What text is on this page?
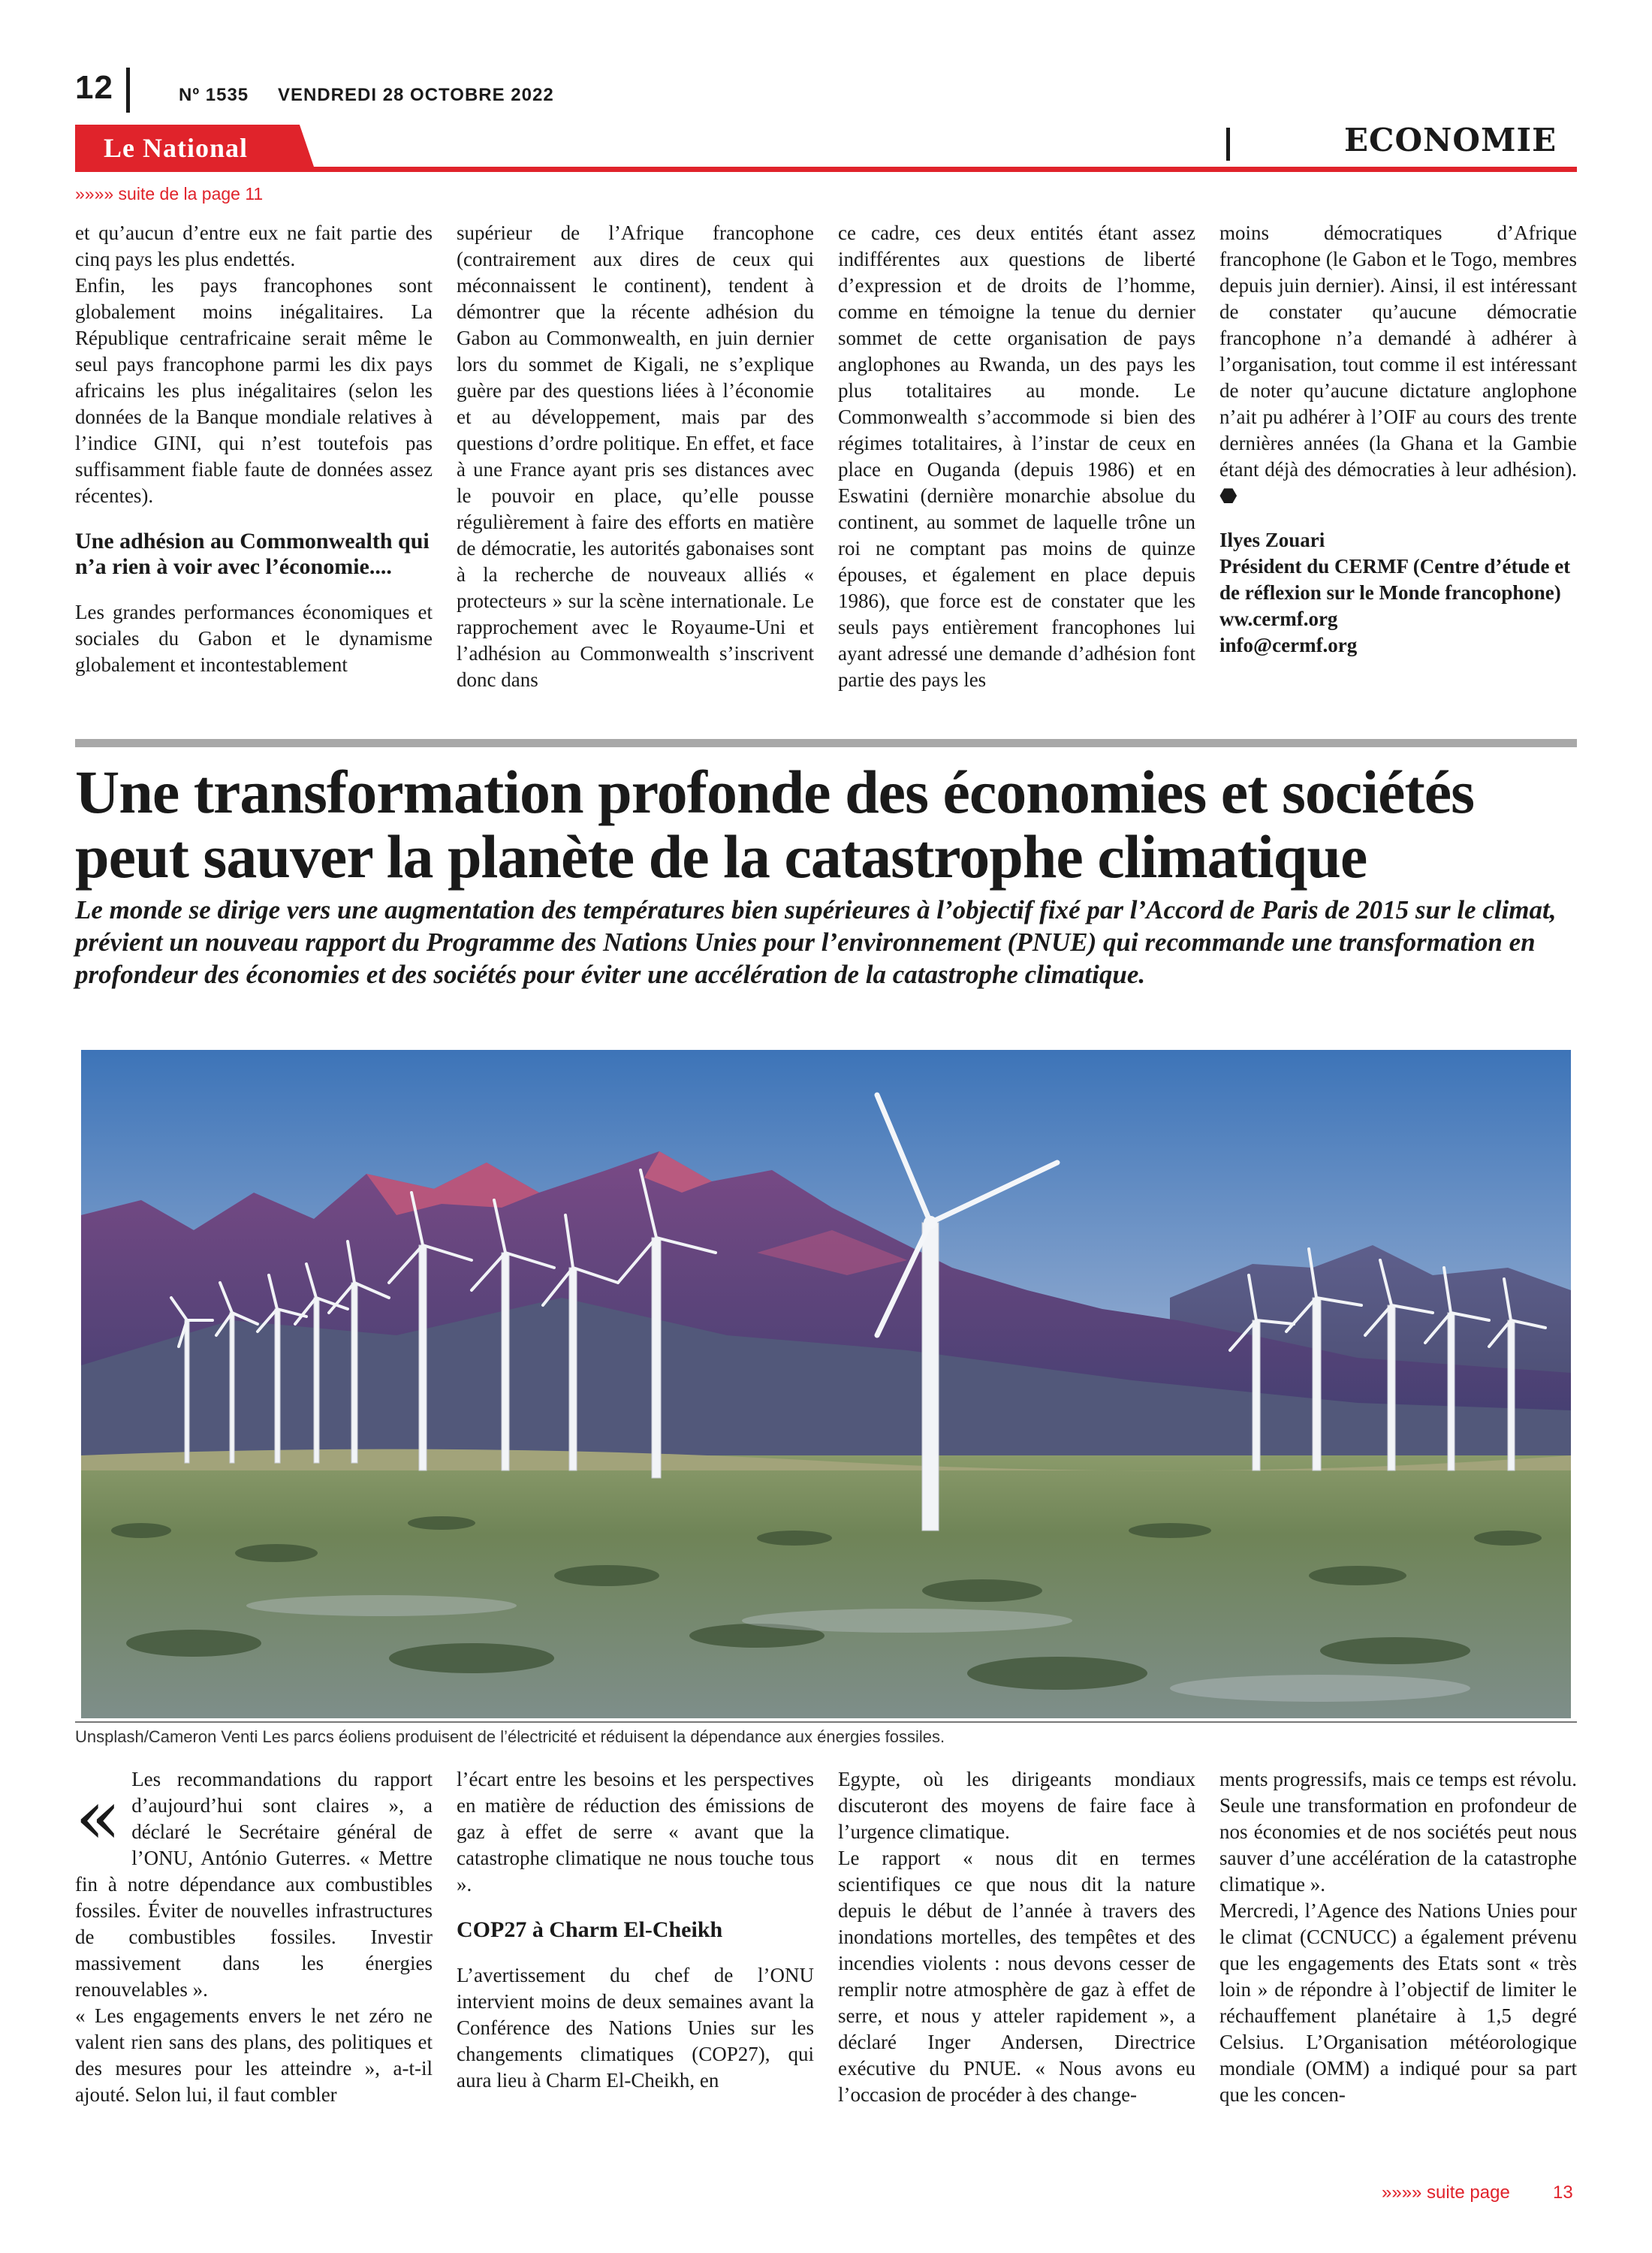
12	Nº 1535 VENDREDI 28 OCTOBRE 2022
Le National	ECONOMIE
»»»» suite de la page 11

et qu’aucun d’entre eux ne fait partie des cinq pays les plus endettés.

Enfin, les pays francophones sont globalement moins inégalitaires. La République centrafricaine serait même le seul pays francophone parmi les dix pays africains les plus inégalitaires (selon les données de la Banque mondiale relatives à l’indice GINI, qui n’est toutefois pas suffisamment fiable faute de données assez récentes).

Une adhésion au Commonwealth qui n’a rien à voir avec l’économie....

Les grandes performances économiques et sociales du Gabon et le dynamisme globalement et incontestablement

supérieur de l’Afrique francophone (contrairement aux dires de ceux qui méconnaissent le continent), tendent à démontrer que la récente adhésion du Gabon au Commonwealth, en juin dernier lors du sommet de Kigali, ne s’explique guère par des questions liées à l’économie et au développement, mais par des questions d’ordre politique. En effet, et face à une France ayant pris ses distances avec le pouvoir en place, qu’elle pousse régulièrement à faire des efforts en matière de démocratie, les autorités gabonaises sont à la recherche de nouveaux alliés « protecteurs » sur la scène internationale. Le rapprochement avec le Royaume-Uni et l’adhésion au Commonwealth s’inscrivent donc dans

ce cadre, ces deux entités étant assez indifférentes aux questions de liberté d’expression et de droits de l’homme, comme en témoigne la tenue du dernier sommet de cette organisation de pays anglophones au Rwanda, un des pays les plus totalitaires au monde. Le Commonwealth s’accommode si bien des régimes totalitaires, à l’instar de ceux en place en Ouganda (depuis 1986) et en Eswatini (dernière monarchie absolue du continent, au sommet de laquelle trône un roi ne comptant pas moins de quinze épouses, et également en place depuis 1986), que force est de constater que les seuls pays entièrement francophones lui ayant adressé une demande d’adhésion font partie des pays les

moins démocratiques d’Afrique francophone (le Gabon et le Togo, membres depuis juin dernier). Ainsi, il est intéressant de constater qu’aucune démocratie francophone n’a demandé à adhérer à l’organisation, tout comme il est intéressant de noter qu’aucune dictature anglophone n’ait pu adhérer à l’OIF au cours des trente dernières années (la Ghana et la Gambie étant déjà des démocraties à leur adhésion). ⬣

Ilyes Zouari

Président du CERMF (Centre d’étude et de réflexion sur le Monde francophone)

ww.cermf.org

info@cermf.org

Une transformation profonde des économies et sociétés peut sauver la planète de la catastrophe climatique

Le monde se dirige vers une augmentation des températures bien supérieures à l’objectif fixé par l’Accord de Paris de 2015 sur le climat, prévient un nouveau rapport du Programme des Nations Unies pour l’environnement (PNUE) qui recommande une transformation en profondeur des économies et des sociétés pour éviter une accélération de la catastrophe climatique.

Unsplash/Cameron Venti Les parcs éoliens produisent de l’électricité et réduisent la dépendance aux énergies fossiles.

« Les recommandations du rapport d’aujourd’hui sont claires », a déclaré le Secrétaire général de l’ONU, António Guterres. « Mettre fin à notre dépendance aux combustibles fossiles. Éviter de nouvelles infrastructures de combustibles fossiles. Investir massivement dans les énergies renouvelables ».

« Les engagements envers le net zéro ne valent rien sans des plans, des politiques et des mesures pour les atteindre », a-t-il ajouté. Selon lui, il faut combler

l’écart entre les besoins et les perspectives en matière de réduction des émissions de gaz à effet de serre « avant que la catastrophe climatique ne nous touche tous ».

COP27 à Charm El-Cheikh

L’avertissement du chef de l’ONU intervient moins de deux semaines avant la Conférence des Nations Unies sur les changements climatiques (COP27), qui aura lieu à Charm El-Cheikh, en

Egypte, où les dirigeants mondiaux discuteront des moyens de faire face à l’urgence climatique.

Le rapport « nous dit en termes scientifiques ce que nous dit la nature depuis le début de l’année à travers des inondations mortelles, des tempêtes et des incendies violents : nous devons cesser de remplir notre atmosphère de gaz à effet de serre, et nous y atteler rapidement », a déclaré Inger Andersen, Directrice exécutive du PNUE. « Nous avons eu l’occasion de procéder à des change-

ments progressifs, mais ce temps est révolu. Seule une transformation en profondeur de nos économies et de nos sociétés peut nous sauver d’une accélération de la catastrophe climatique ».

Mercredi, l’Agence des Nations Unies pour le climat (CCNUCC) a également prévenu que les engagements des Etats sont « très loin » de répondre à l’objectif de limiter le réchauffement planétaire à 1,5 degré Celsius. L’Organisation météorologique mondiale (OMM) a indiqué pour sa part que les concen-

»»»» suite page 13
